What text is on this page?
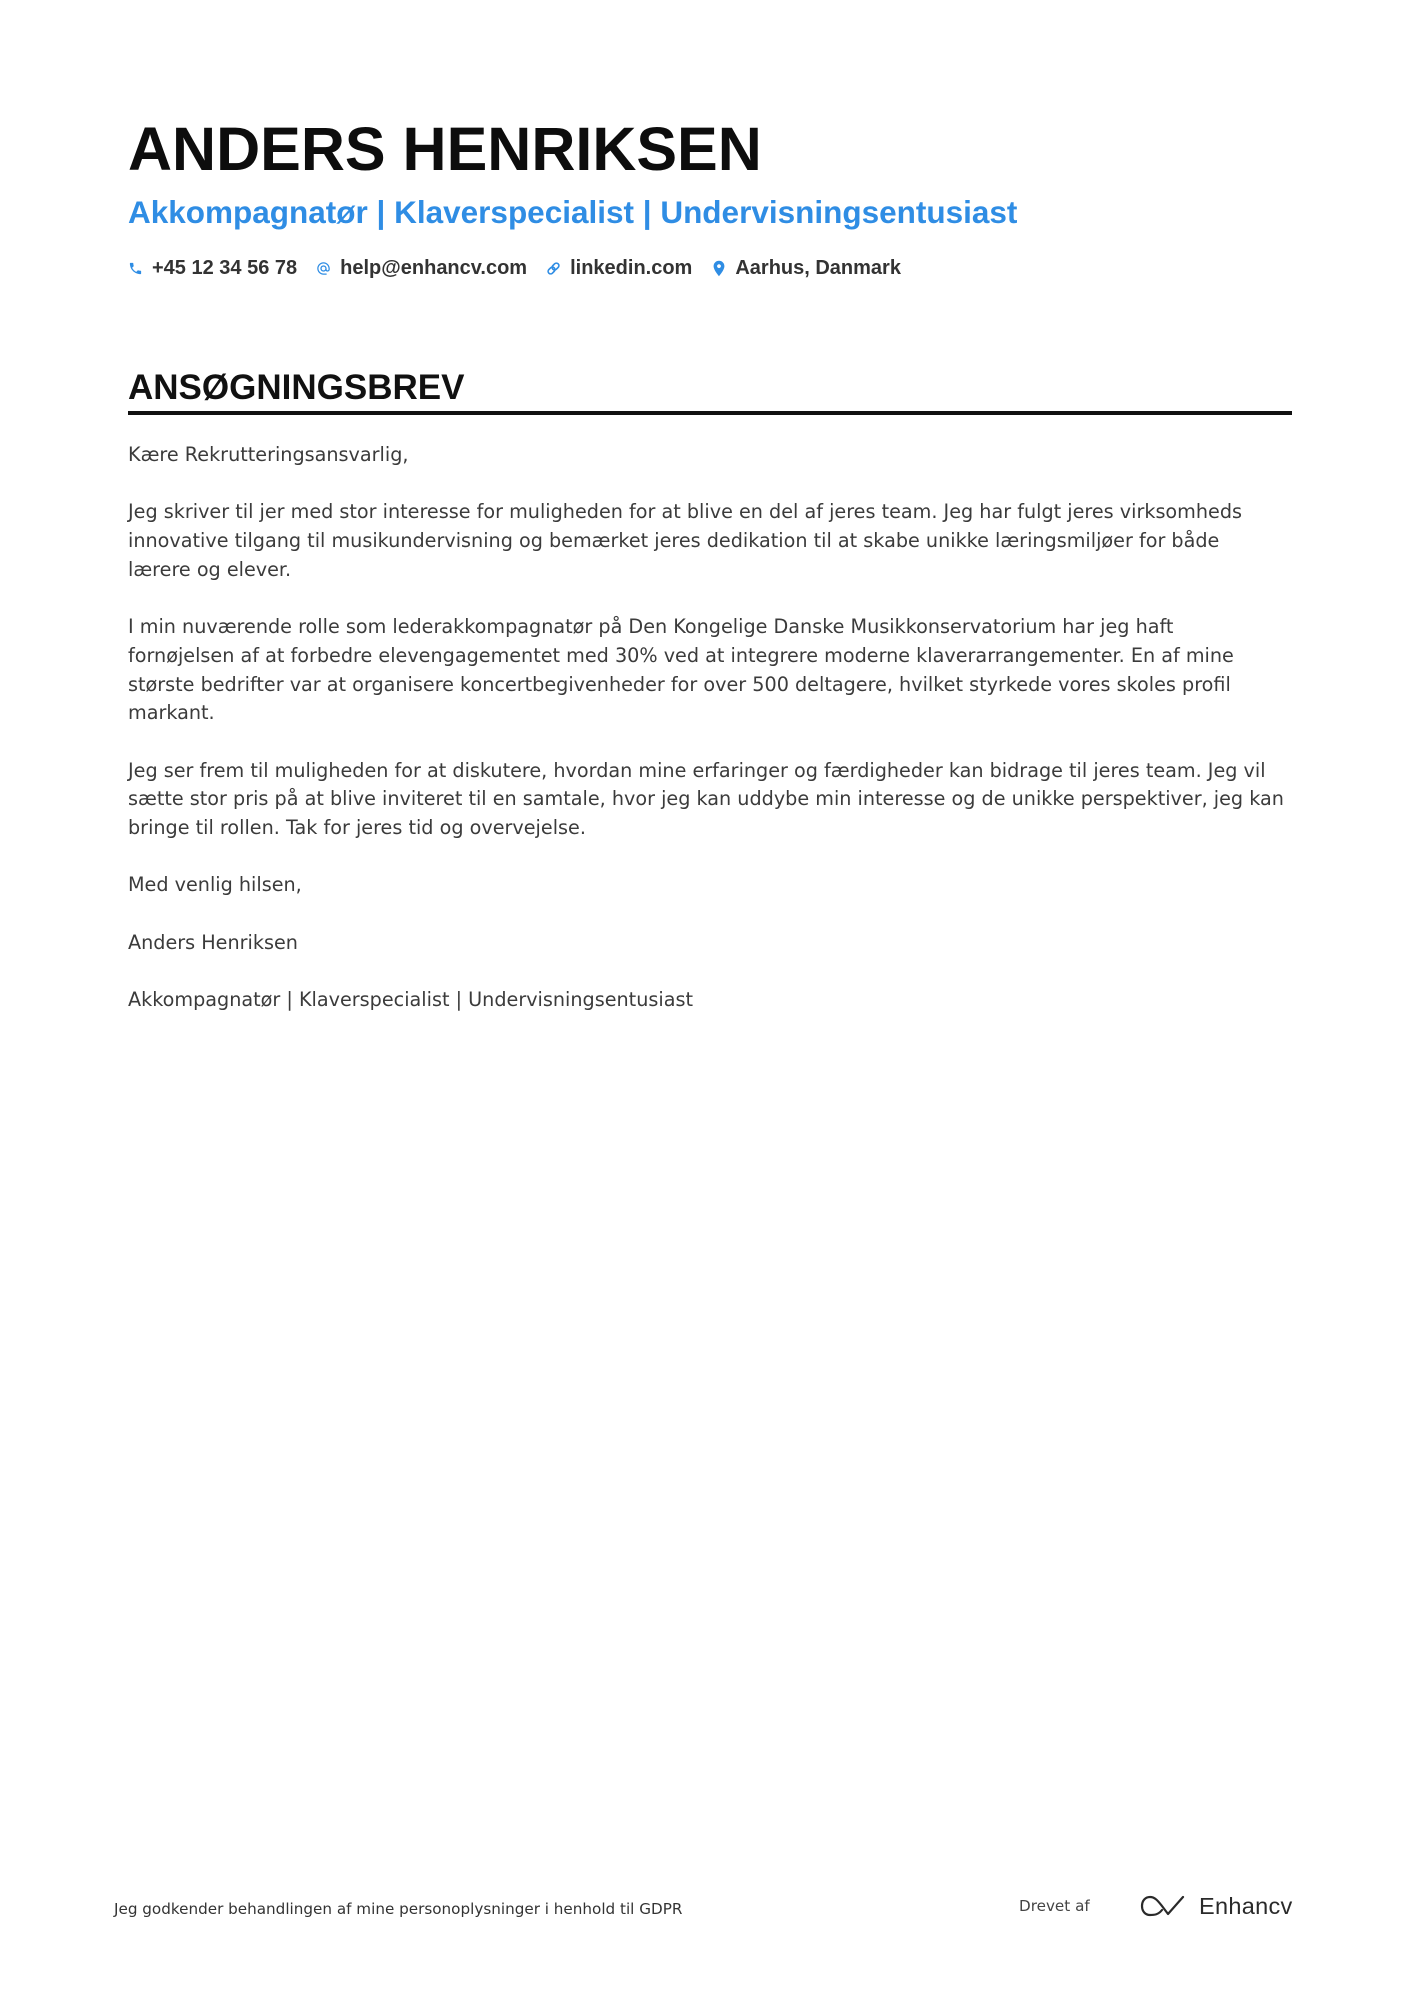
ANDERS HENRIKSEN
Akkompagnatør | Klaverspecialist | Undervisningsentusiast
+45 12 34 56 78 help@enhancv.com linkedin.com Aarhus, Danmark
ANSØGNINGSBREV

Kære Rekrutteringsansvarlig,

Jeg skriver til jer med stor interesse for muligheden for at blive en del af jeres team. Jeg har fulgt jeres virksomheds
innovative tilgang til musikundervisning og bemærket jeres dedikation til at skabe unikke læringsmiljøer for både
lærere og elever.

I min nuværende rolle som lederakkompagnatør på Den Kongelige Danske Musikkonservatorium har jeg haft
fornøjelsen af at forbedre elevengagementet med 30% ved at integrere moderne klaverarrangementer. En af mine
største bedrifter var at organisere koncertbegivenheder for over 500 deltagere, hvilket styrkede vores skoles profil
markant.

Jeg ser frem til muligheden for at diskutere, hvordan mine erfaringer og færdigheder kan bidrage til jeres team. Jeg vil
sætte stor pris på at blive inviteret til en samtale, hvor jeg kan uddybe min interesse og de unikke perspektiver, jeg kan
bringe til rollen. Tak for jeres tid og overvejelse.

Med venlig hilsen,

Anders Henriksen

Akkompagnatør | Klaverspecialist | Undervisningsentusiast

Jeg godkender behandlingen af mine personoplysninger i henhold til GDPR	Drevet af	Enhancv
